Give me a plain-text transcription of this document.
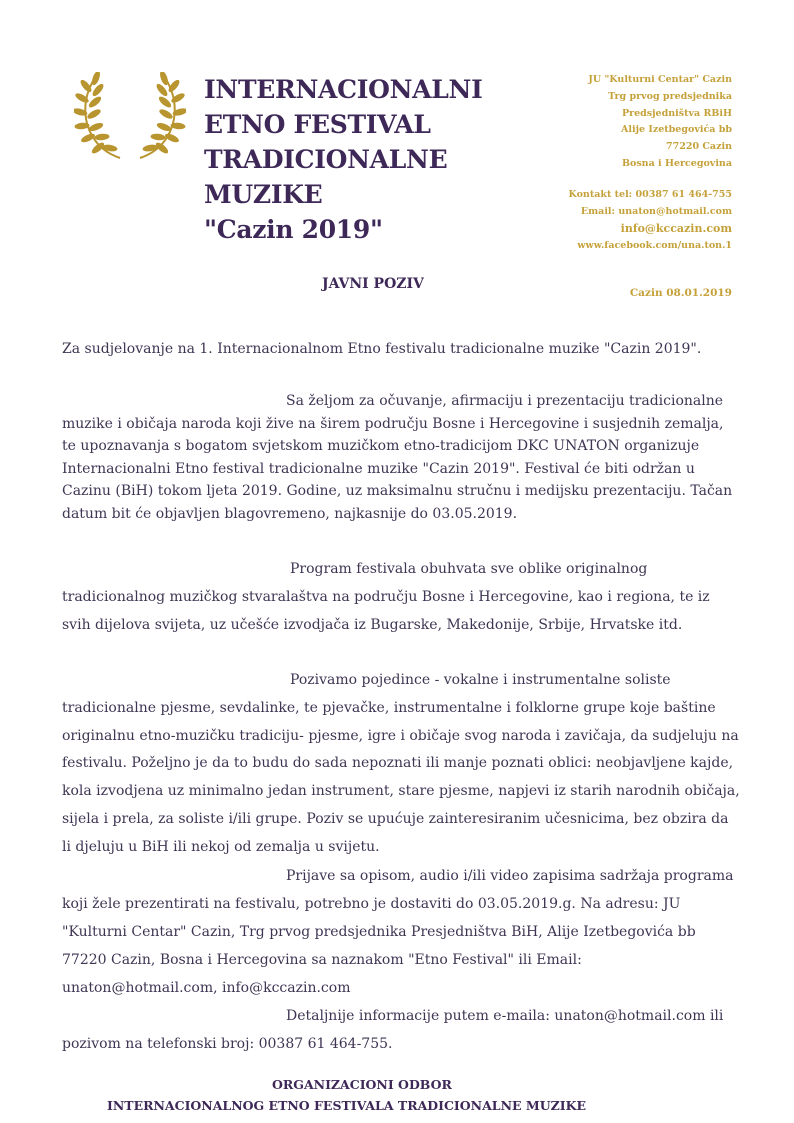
INTERNACIONALNI
ETNO FESTIVAL
TRADICIONALNE
MUZIKE
"Cazin 2019"
JU "Kulturni Centar" Cazin
Trg prvog predsjednika
Predsjedništva RBiH
Alije Izetbegovića bb
77220 Cazin
Bosna i Hercegovina
Kontakt tel: 00387 61 464-755
Email: unaton@hotmail.com
info@kccazin.com
www.facebook.com/una.ton.1
JAVNI POZIV
Cazin 08.01.2019

Za sudjelovanje na 1. Internacionalnom Etno festivalu tradicionalne muzike "Cazin 2019".

Sa željom za očuvanje, afirmaciju i prezentaciju tradicionalne muzike i običaja naroda koji žive na širem području Bosne i Hercegovine i susjednih zemalja, te upoznavanja s bogatom svjetskom muzičkom etno-tradicijom DKC UNATON organizuje Internacionalni Etno festival tradicionalne muzike "Cazin 2019". Festival će biti održan u Cazinu (BiH) tokom ljeta 2019. Godine, uz maksimalnu stručnu i medijsku prezentaciju. Tačan datum bit će objavljen blagovremeno, najkasnije do 03.05.2019.

Program festivala obuhvata sve oblike originalnog tradicionalnog muzičkog stvaralaštva na području Bosne i Hercegovine, kao i regiona, te iz svih dijelova svijeta, uz učešće izvodjača iz Bugarske, Makedonije, Srbije, Hrvatske itd.

Pozivamo pojedince - vokalne i instrumentalne soliste tradicionalne pjesme, sevdalinke, te pjevačke, instrumentalne i folklorne grupe koje baštine originalnu etno-muzičku tradiciju- pjesme, igre i običaje svog naroda i zavičaja, da sudjeluju na festivalu. Poželjno je da to budu do sada nepoznati ili manje poznati oblici: neobjavljene kajde, kola izvodjena uz minimalno jedan instrument, stare pjesme, napjevi iz starih narodnih običaja, sijela i prela, za soliste i/ili grupe. Poziv se upućuje zainteresiranim učesnicima, bez obzira da li djeluju u BiH ili nekoj od zemalja u svijetu.

Prijave sa opisom, audio i/ili video zapisima sadržaja programa koji žele prezentirati na festivalu, potrebno je dostaviti do 03.05.2019.g. Na adresu: JU "Kulturni Centar" Cazin, Trg prvog predsjednika Presjedništva BiH, Alije Izetbegovića bb 77220 Cazin, Bosna i Hercegovina sa naznakom "Etno Festival" ili Email: unaton@hotmail.com, info@kccazin.com

Detaljnije informacije putem e-maila: unaton@hotmail.com ili pozivom na telefonski broj: 00387 61 464-755.

ORGANIZACIONI ODBOR
INTERNACIONALNOG ETNO FESTIVALA TRADICIONALNE MUZIKE
